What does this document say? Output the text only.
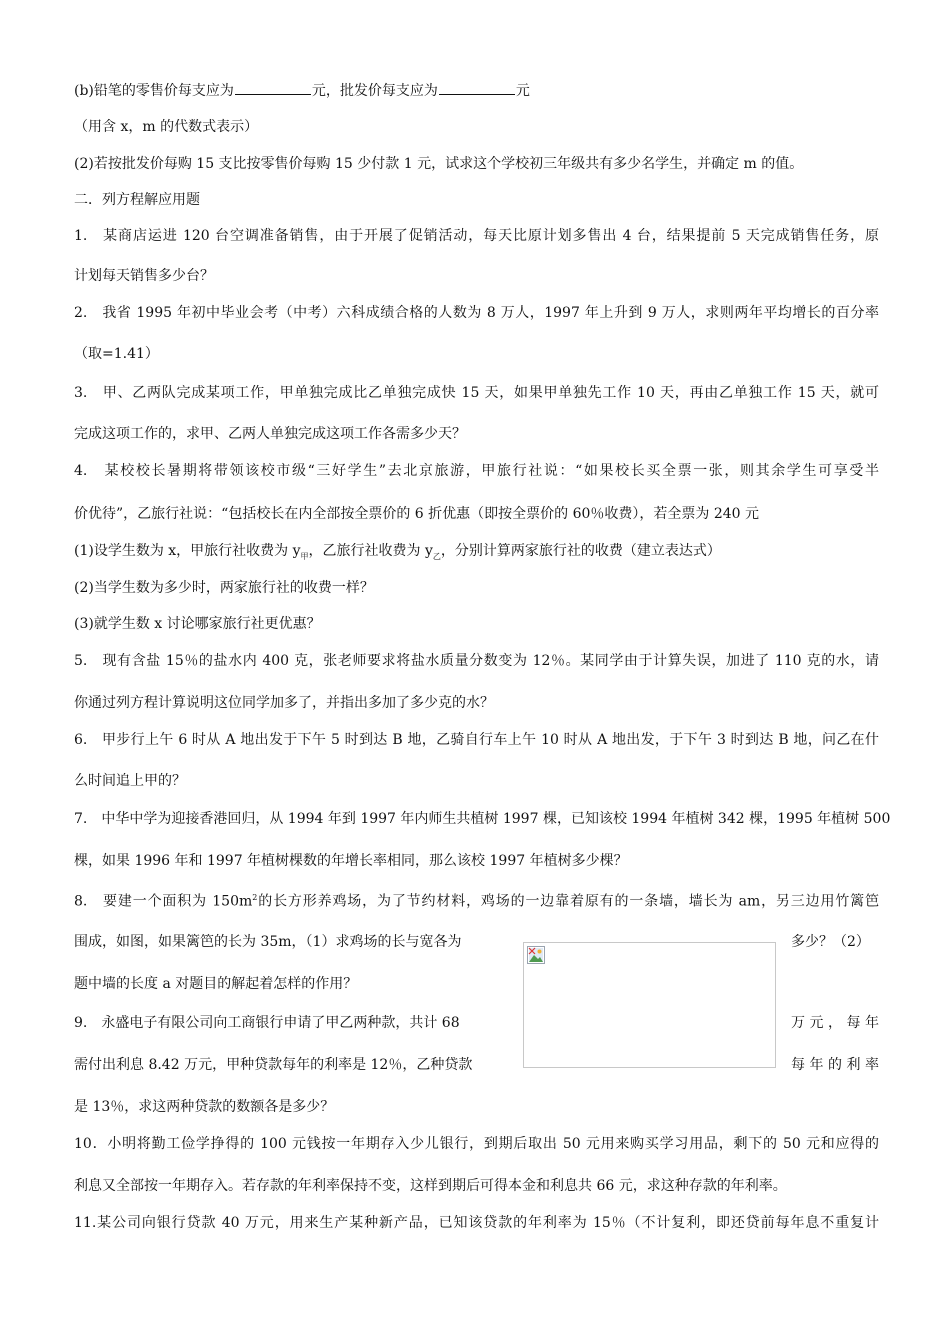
(b)铅笔的零售价每支应为	元，批发价每支应为	元
（用含 x，m 的代数式表示）
(2)若按批发价每购 15 支比按零售价每购 15 少付款 1 元，试求这个学校初三年级共有多少名学生，并确定 m 的值。
二．列方程解应用题
1.　某商店运进 120 台空调准备销售，由于开展了促销活动，每天比原计划多售出 4 台，结果提前 5 天完成销售任务，原
计划每天销售多少台？
2.　我省 1995 年初中毕业会考（中考）六科成绩合格的人数为 8 万人，1997 年上升到 9 万人，求则两年平均增长的百分率
（取=1.41）
3.　甲、乙两队完成某项工作，甲单独完成比乙单独完成快 15 天，如果甲单独先工作 10 天，再由乙单独工作 15 天，就可
完成这项工作的，求甲、乙两人单独完成这项工作各需多少天？
4.　某校校长暑期将带领该校市级“三好学生”去北京旅游，甲旅行社说：“如果校长买全票一张，则其余学生可享受半
价优待”，乙旅行社说：“包括校长在内全部按全票价的 6 折优惠（即按全票价的 60％收费），若全票为 240 元
(1)设学生数为 x，甲旅行社收费为 $y_甲$，乙旅行社收费为 $y_乙$，分别计算两家旅行社的收费（建立表达式）
(2)当学生数为多少时，两家旅行社的收费一样？
(3)就学生数 x 讨论哪家旅行社更优惠？
5.　现有含盐 15％的盐水内 400 克，张老师要求将盐水质量分数变为 12％。某同学由于计算失误，加进了 110 克的水，请
你通过列方程计算说明这位同学加多了，并指出多加了多少克的水？
6.　甲步行上午 6 时从 A 地出发于下午 5 时到达 B 地，乙骑自行车上午 10 时从 A 地出发，于下午 3 时到达 B 地，问乙在什
么时间追上甲的？
7.　中华中学为迎接香港回归，从 1994 年到 1997 年内师生共植树 1997 棵，已知该校 1994 年植树 342 棵，1995 年植树 500
棵，如果 1996 年和 1997 年植树棵数的年增长率相同，那么该校 1997 年植树多少棵？
8.　要建一个面积为 $150m^2$的长方形养鸡场，为了节约材料，鸡场的一边靠着原有的一条墙，墙长为 am，另三边用竹篱笆
围成，如图，如果篱笆的长为 35m，（1）求鸡场的长与宽各为	多少？（2）
题中墙的长度 a 对题目的解起着怎样的作用？
9.　永盛电子有限公司向工商银行申请了甲乙两种款，共计 68	万元，每年
需付出利息 8.42 万元，甲种贷款每年的利率是 12％，乙种贷款	每年的利率
是 13％，求这两种贷款的数额各是多少？
10．小明将勤工俭学挣得的 100 元钱按一年期存入少儿银行，到期后取出 50 元用来购买学习用品，剩下的 50 元和应得的
利息又全部按一年期存入。若存款的年利率保持不变，这样到期后可得本金和利息共 66 元，求这种存款的年利率。
11.某公司向银行贷款 40 万元，用来生产某种新产品，已知该贷款的年利率为 15％（不计复利，即还贷前每年息不重复计
